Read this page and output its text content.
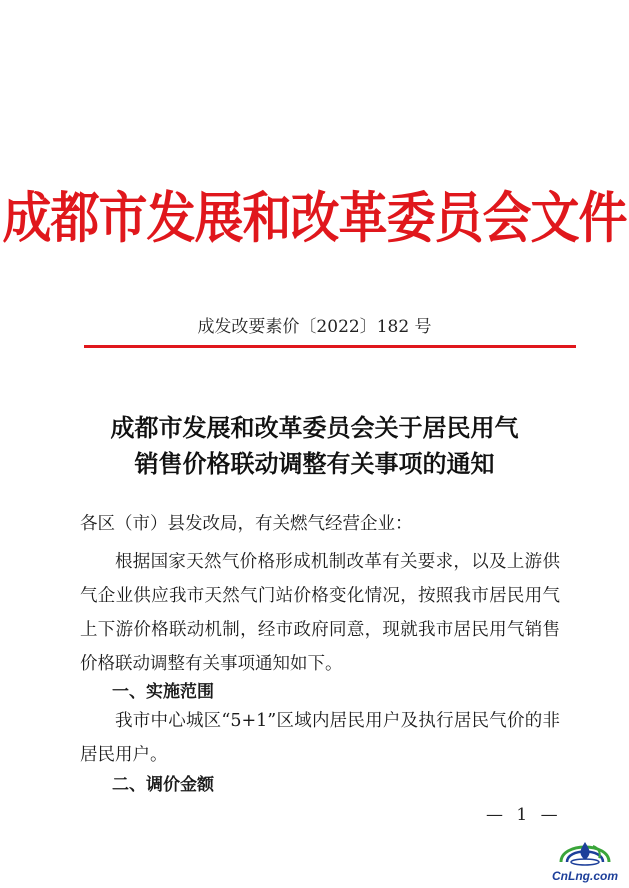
成都市发展和改革委员会文件
成发改要素价〔2022〕182 号
成都市发展和改革委员会关于居民用气
销售价格联动调整有关事项的通知
各区（市）县发改局，有关燃气经营企业：
根据国家天然气价格形成机制改革有关要求，以及上游供气企业供应我市天然气门站价格变化情况，按照我市居民用气上下游价格联动机制，经市政府同意，现就我市居民用气销售价格联动调整有关事项通知如下。
一、实施范围
我市中心城区“5+1”区域内居民用户及执行居民气价的非居民用户。
二、调价金额
— 1 —
CnLng.com
